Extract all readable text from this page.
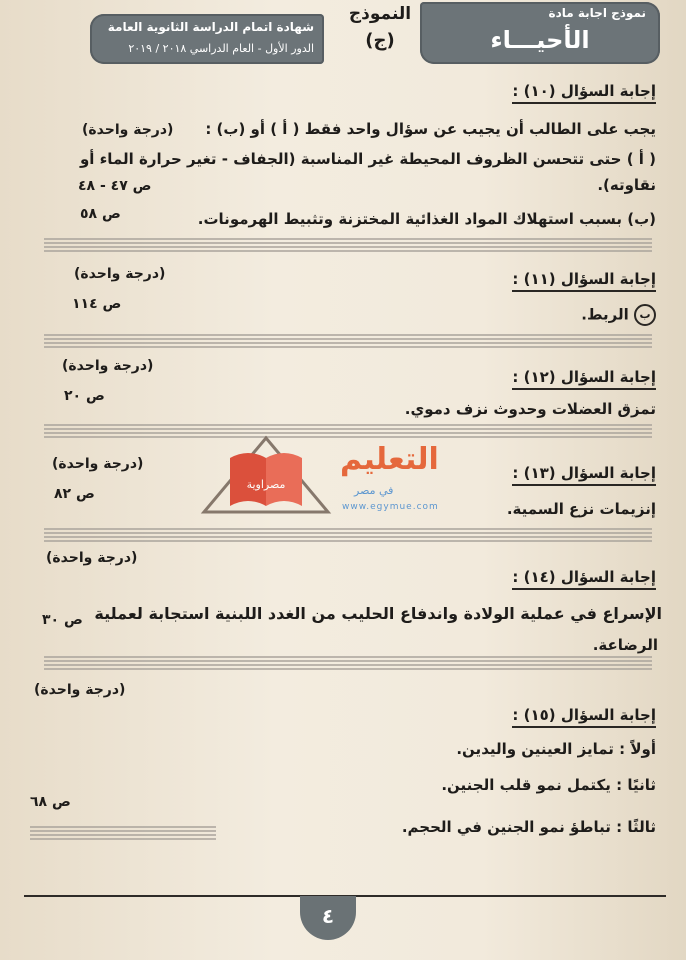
نموذج اجابة مادة
الأحيـــاء
النموذج
(ج)
شهادة اتمام الدراسة الثانوية العامة
الدور الأول - العام الدراسي ٢٠١٨ / ٢٠١٩
إجابة السؤال (١٠) :
يجب على الطالب أن يجيب عن سؤال واحد فقط ( أ ) أو (ب) :
(درجة واحدة)
( أ ) حتى تتحسن الظروف المحيطة غير المناسبة (الجفاف - تغير حرارة الماء أو
نقاوته).
ص ٤٧ - ٤٨
(ب) بسبب استهلاك المواد الغذائية المختزنة وتثبيط الهرمونات.
ص ٥٨
إجابة السؤال (١١) :
(درجة واحدة)
ب الربط.
ص ١١٤
إجابة السؤال (١٢) :
(درجة واحدة)
تمزق العضلات وحدوث نزف دموي.
ص ٢٠
إجابة السؤال (١٣) :
(درجة واحدة)
إنزيمات نزع السمية.
ص ٨٢
إجابة السؤال (١٤) :
(درجة واحدة)
الإسراع في عملية الولادة واندفاع الحليب من الغدد اللبنية استجابة لعملية
الرضاعة.
ص ٣٠
إجابة السؤال (١٥) :
(درجة واحدة)
أولاً : تمايز العينين واليدين.
ثانيًا : يكتمل نمو قلب الجنين.
ثالثًا : تباطؤ نمو الجنين في الحجم.
ص ٦٨
مصراوية
التعليم
في مصر
www.egymue.com
٤
